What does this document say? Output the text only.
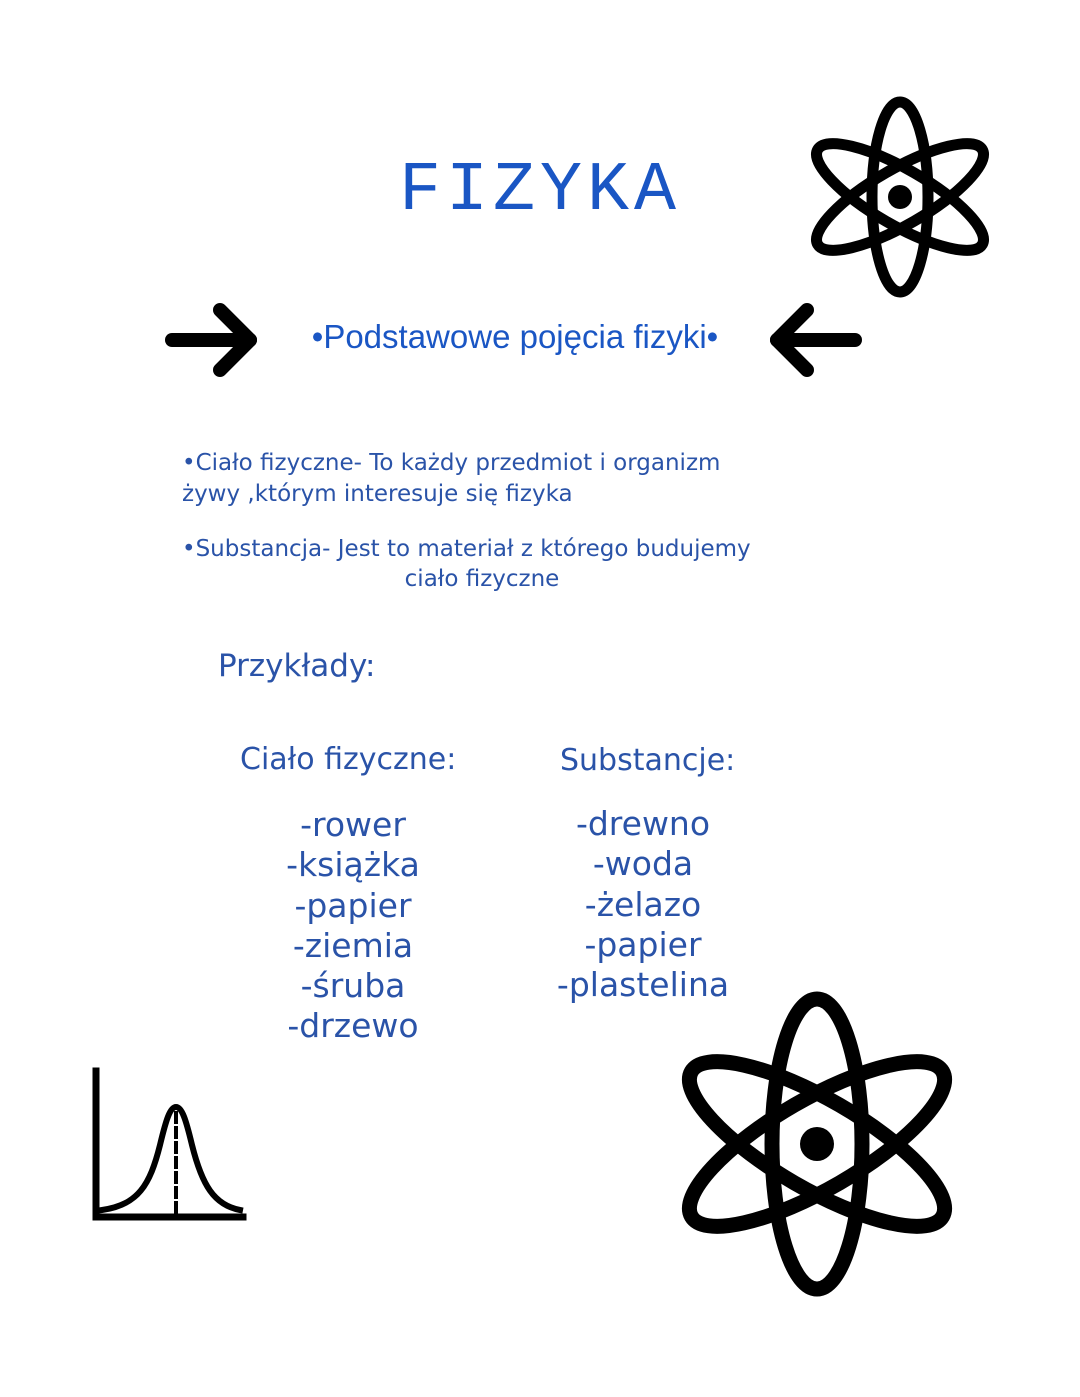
FIZYKA
•Podstawowe pojęcia fizyki•
•Ciało fizyczne- To każdy przedmiot i organizm
żywy ,którym interesuje się fizyka
•Substancja- Jest to materiał z którego budujemy
ciało fizyczne
Przykłady:
Ciało fizyczne:
-rower
-książka
-papier
-ziemia
-śruba
-drzewo
Substancje:
-drewno
-woda
-żelazo
-papier
-plastelina
